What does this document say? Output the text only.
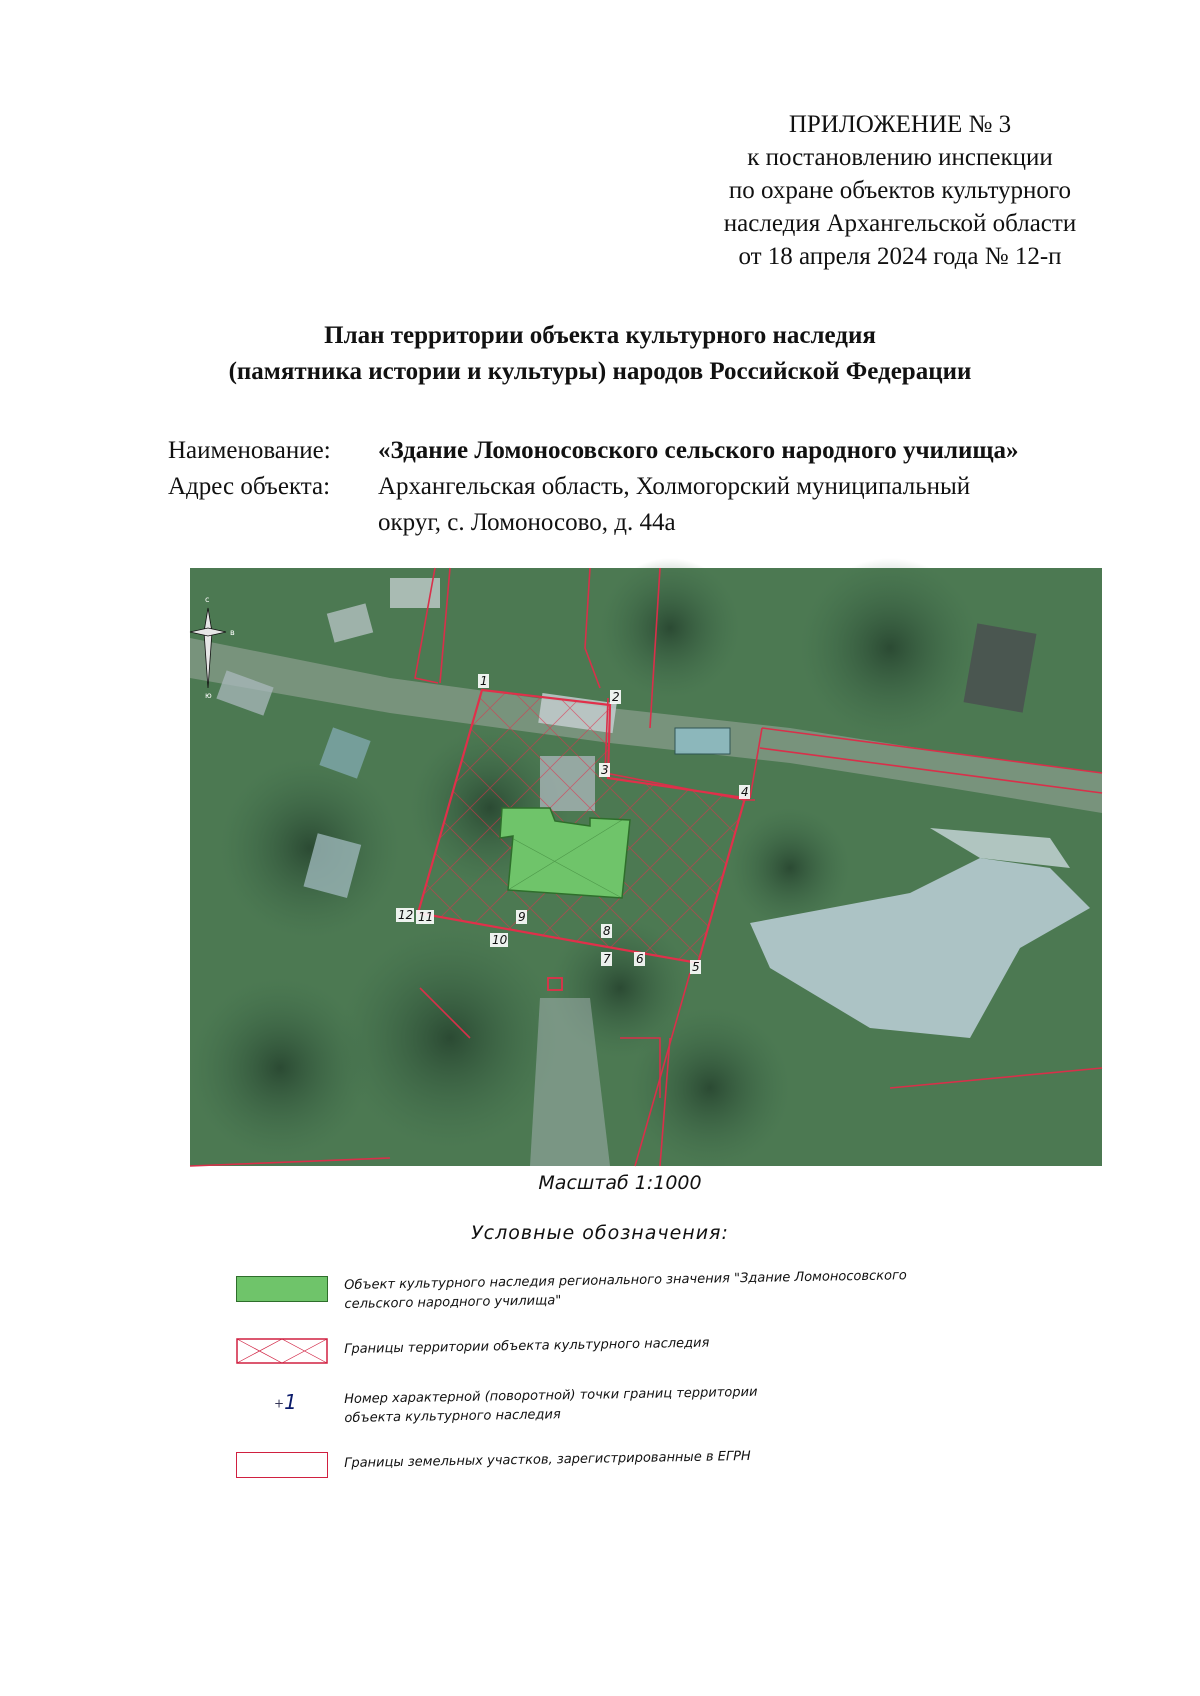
ПРИЛОЖЕНИЕ № 3
к постановлению инспекции
по охране объектов культурного
наследия Архангельской области
от 18 апреля 2024 года № 12-п
План территории объекта культурного наследия
(памятника истории и культуры) народов Российской Федерации
Наименование: «Здание Ломоносовского сельского народного училища»
Адрес объекта: Архангельская область, Холмогорский муниципальный
округ, с. Ломоносово, д. 44а
с
ю
з	в
1
2
3
4
5
6
7
8
9
10
11
12
Масштаб 1:1000
Условные обозначения:
Объект культурного наследия регионального значения "Здание Ломоносовского
сельского народного училища"
Границы территории объекта культурного наследия
+1	Номер характерной (поворотной) точки границ территории
объекта культурного наследия
Границы земельных участков, зарегистрированные в ЕГРН
